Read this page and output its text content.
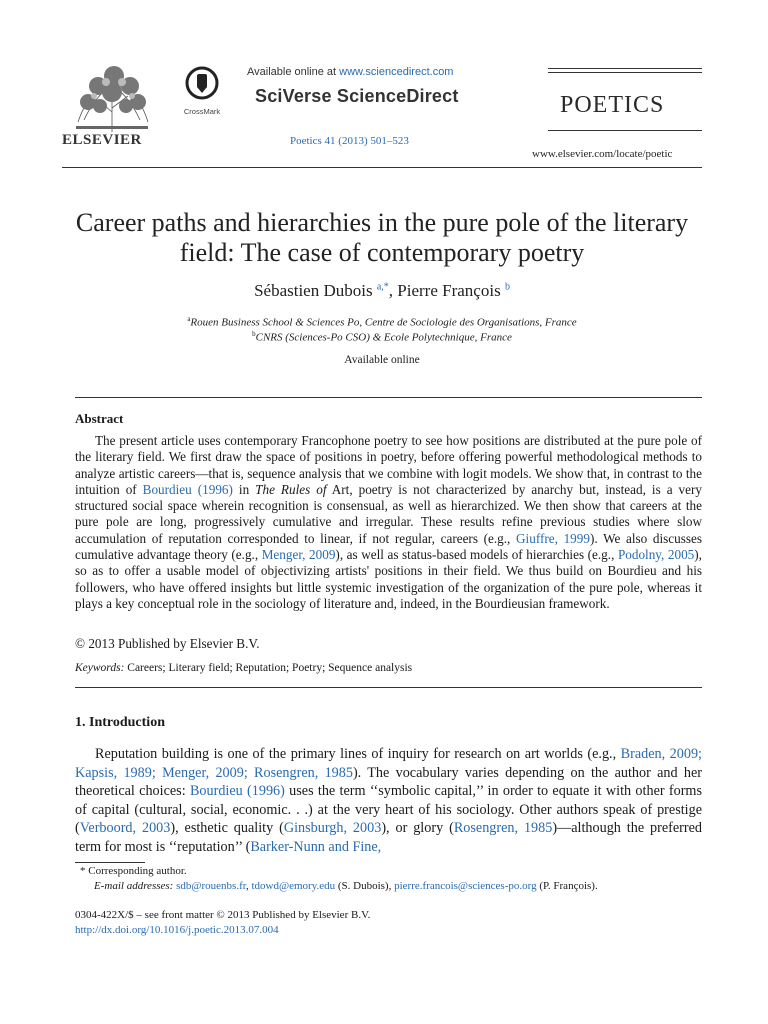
ELSEVIER
CrossMark
Available online at www.sciencedirect.com
SciVerse ScienceDirect
Poetics 41 (2013) 501–523
POETICS
www.elsevier.com/locate/poetic
Career paths and hierarchies in the pure pole of the literary field: The case of contemporary poetry
Sébastien Dubois $^{a,*}$, Pierre François $^b$
$^a$Rouen Business School & Sciences Po, Centre de Sociologie des Organisations, France
$^b$CNRS (Sciences-Po CSO) & Ecole Polytechnique, France
Available online
Abstract
The present article uses contemporary Francophone poetry to see how positions are distributed at the pure pole of the literary field. We first draw the space of positions in poetry, before offering powerful methodological methods to analyze artistic careers—that is, sequence analysis that we combine with logit models. We show that, in contrast to the intuition of Bourdieu (1996) in The Rules of Art, poetry is not characterized by anarchy but, instead, is a very structured social space wherein recognition is consensual, as well as hierarchized. We then show that careers at the pure pole are long, progressively cumulative and irregular. These results refine previous studies where slow accumulation of reputation corresponded to linear, if not regular, careers (e.g., Giuffre, 1999). We also discusses cumulative advantage theory (e.g., Menger, 2009), as well as status-based models of hierarchies (e.g., Podolny, 2005), so as to offer a usable model of objectivizing artists' positions in their field. We thus build on Bourdieu and his followers, who have offered insights but little systemic investigation of the organization of the pure pole, whereas it plays a key conceptual role in the sociology of literature and, indeed, in the Bourdieusian framework.
© 2013 Published by Elsevier B.V.
Keywords: Careers; Literary field; Reputation; Poetry; Sequence analysis
1. Introduction
Reputation building is one of the primary lines of inquiry for research on art worlds (e.g., Braden, 2009; Kapsis, 1989; Menger, 2009; Rosengren, 1985). The vocabulary varies depending on the author and her theoretical choices: Bourdieu (1996) uses the term ‘‘symbolic capital,’’ in order to equate it with other forms of capital (cultural, social, economic. . .) at the very heart of his sociology. Other authors speak of prestige (Verboord, 2003), esthetic quality (Ginsburgh, 2003), or glory (Rosengren, 1985)—although the preferred term for most is ‘‘reputation’’ (Barker-Nunn and Fine,
* Corresponding author.
E-mail addresses: sdb@rouenbs.fr, tdowd@emory.edu (S. Dubois), pierre.francois@sciences-po.org (P. François).
0304-422X/$ – see front matter © 2013 Published by Elsevier B.V.
http://dx.doi.org/10.1016/j.poetic.2013.07.004
